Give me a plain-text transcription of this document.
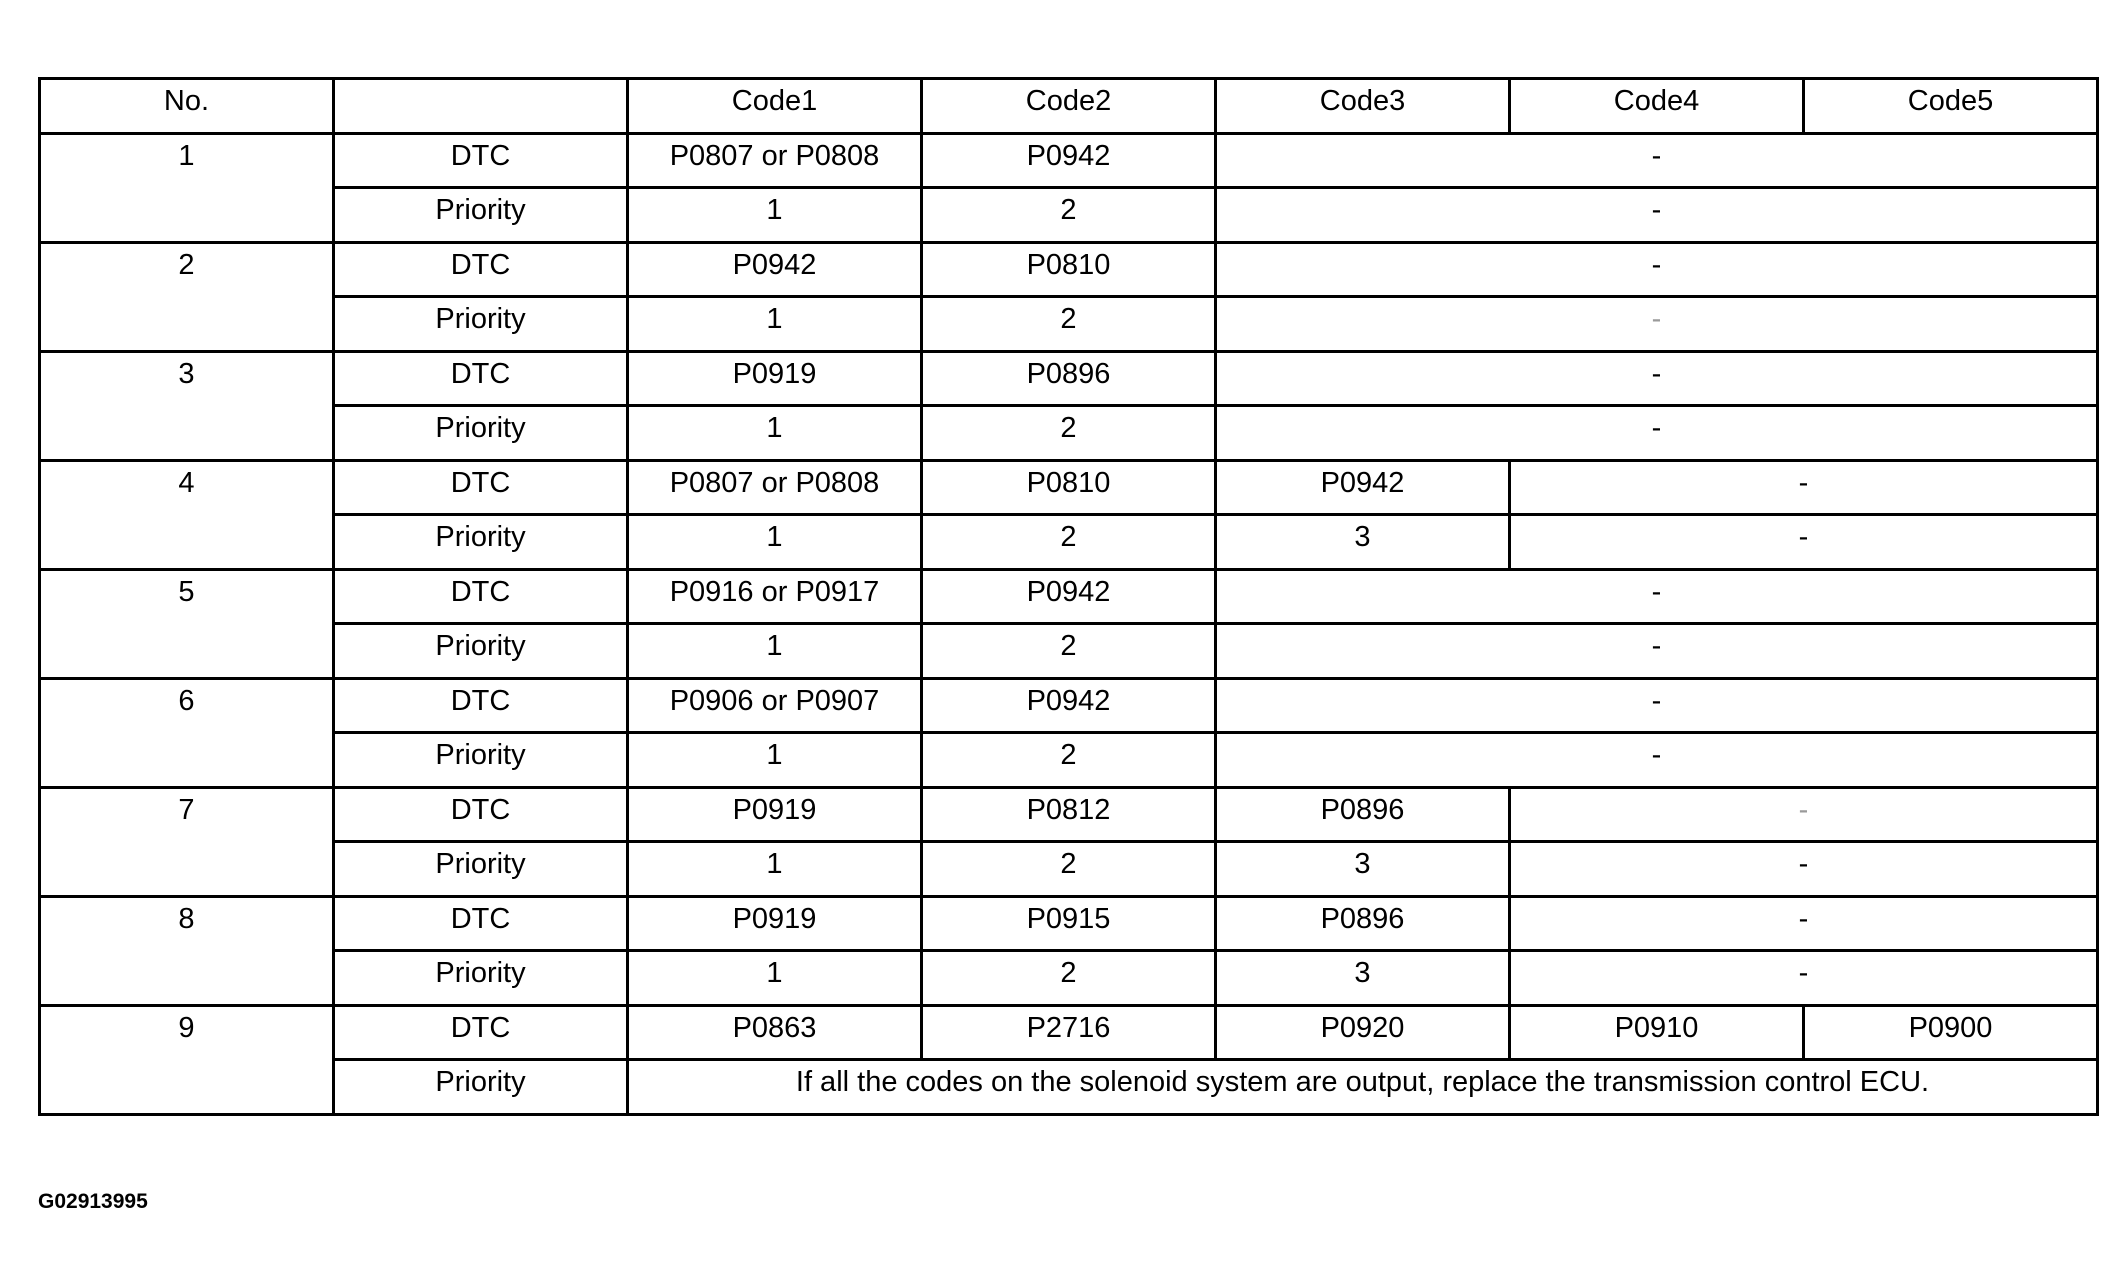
No.		Code1	Code2	Code3	Code4	Code5

1	DTC	P0807 or P0808	P0942	-		

	Priority	1	2	-		

2	DTC	P0942	P0810	-		

	Priority	1	2	-		

3	DTC	P0919	P0896	-		

	Priority	1	2	-		

4	DTC	P0807 or P0808	P0810	P0942	-	

	Priority	1	2	3	-	

5	DTC	P0916 or P0917	P0942	-		

	Priority	1	2	-		

6	DTC	P0906 or P0907	P0942	-		

	Priority	1	2	-		

7	DTC	P0919	P0812	P0896	-	

	Priority	1	2	3	-	

8	DTC	P0919	P0915	P0896	-	

	Priority	1	2	3	-	

9	DTC	P0863	P2716	P0920	P0910	P0900

	Priority	If all the codes on the solenoid system are output, replace the transmission control ECU.				
G02913995
